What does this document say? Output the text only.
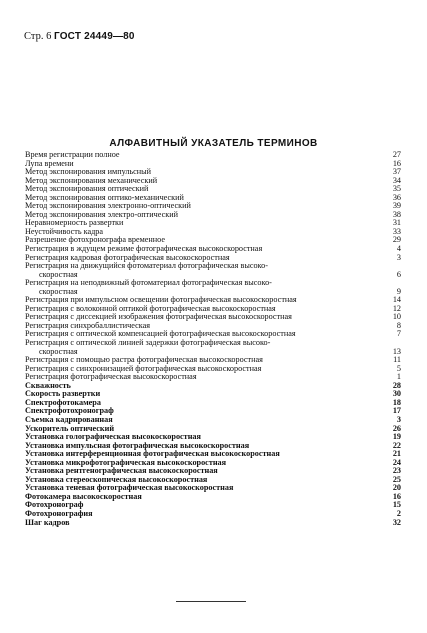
Стр. 6 ГОСТ 24449—80
АЛФАВИТНЫЙ УКАЗАТЕЛЬ ТЕРМИНОВ
Время регистрации полное	27
Лупа времени	16
Метод экспонирования импульсный	37
Метод экспонирования механический	34
Метод экспонирования оптический	35
Метод экспонирования оптико-механический	36
Метод экспонирования электронно-оптический	39
Метод экспонирования электро-оптический	38
Неравномерность развертки	31
Неустойчивость кадра	33
Разрешение фотохронографа временное	29
Регистрация в ждущем режиме фотографическая высокоскоростная	4
Регистрация кадровая фотографическая высокоскоростная	3
Регистрация на движущийся фотоматериал фотографическая высоко-
скоростная	6
Регистрация на неподвижный фотоматериал фотографическая высоко-
скоростная	9
Регистрация при импульсном освещении фотографическая высокоскоростная	14
Регистрация с волоконной оптикой фотографическая высокоскоростная	12
Регистрация с диссекцией изображения фотографическая высокоскоростная	10
Регистрация синхробаллистическая	8
Регистрация с оптической компенсацией фотографическая высокоскоростная	7
Регистрация с оптической линией задержки фотографическая высоко-
скоростная	13
Регистрация с помощью растра фотографическая высокоскоростная	11
Регистрация с синхронизацией фотографическая высокоскоростная	5
Регистрация фотографическая высокоскоростная	1
Скважность	28
Скорость развертки	30
Спектрофотокамера	18
Спектрофотохронограф	17
Съемка кадрированная	3
Ускоритель оптический	26
Установка голографическая высокоскоростная	19
Установка импульсная фотографическая высокоскоростная	22
Установка интерференционная фотографическая высокоскоростная	21
Установка микрофотографическая высокоскоростная	24
Установка рентгенографическая высокоскоростная	23
Установка стереоскопическая высокоскоростная	25
Установка теневая фотографическая высокоскоростная	20
Фотокамера высокоскоростная	16
Фотохронограф	15
Фотохронография	2
Шаг кадров	32
